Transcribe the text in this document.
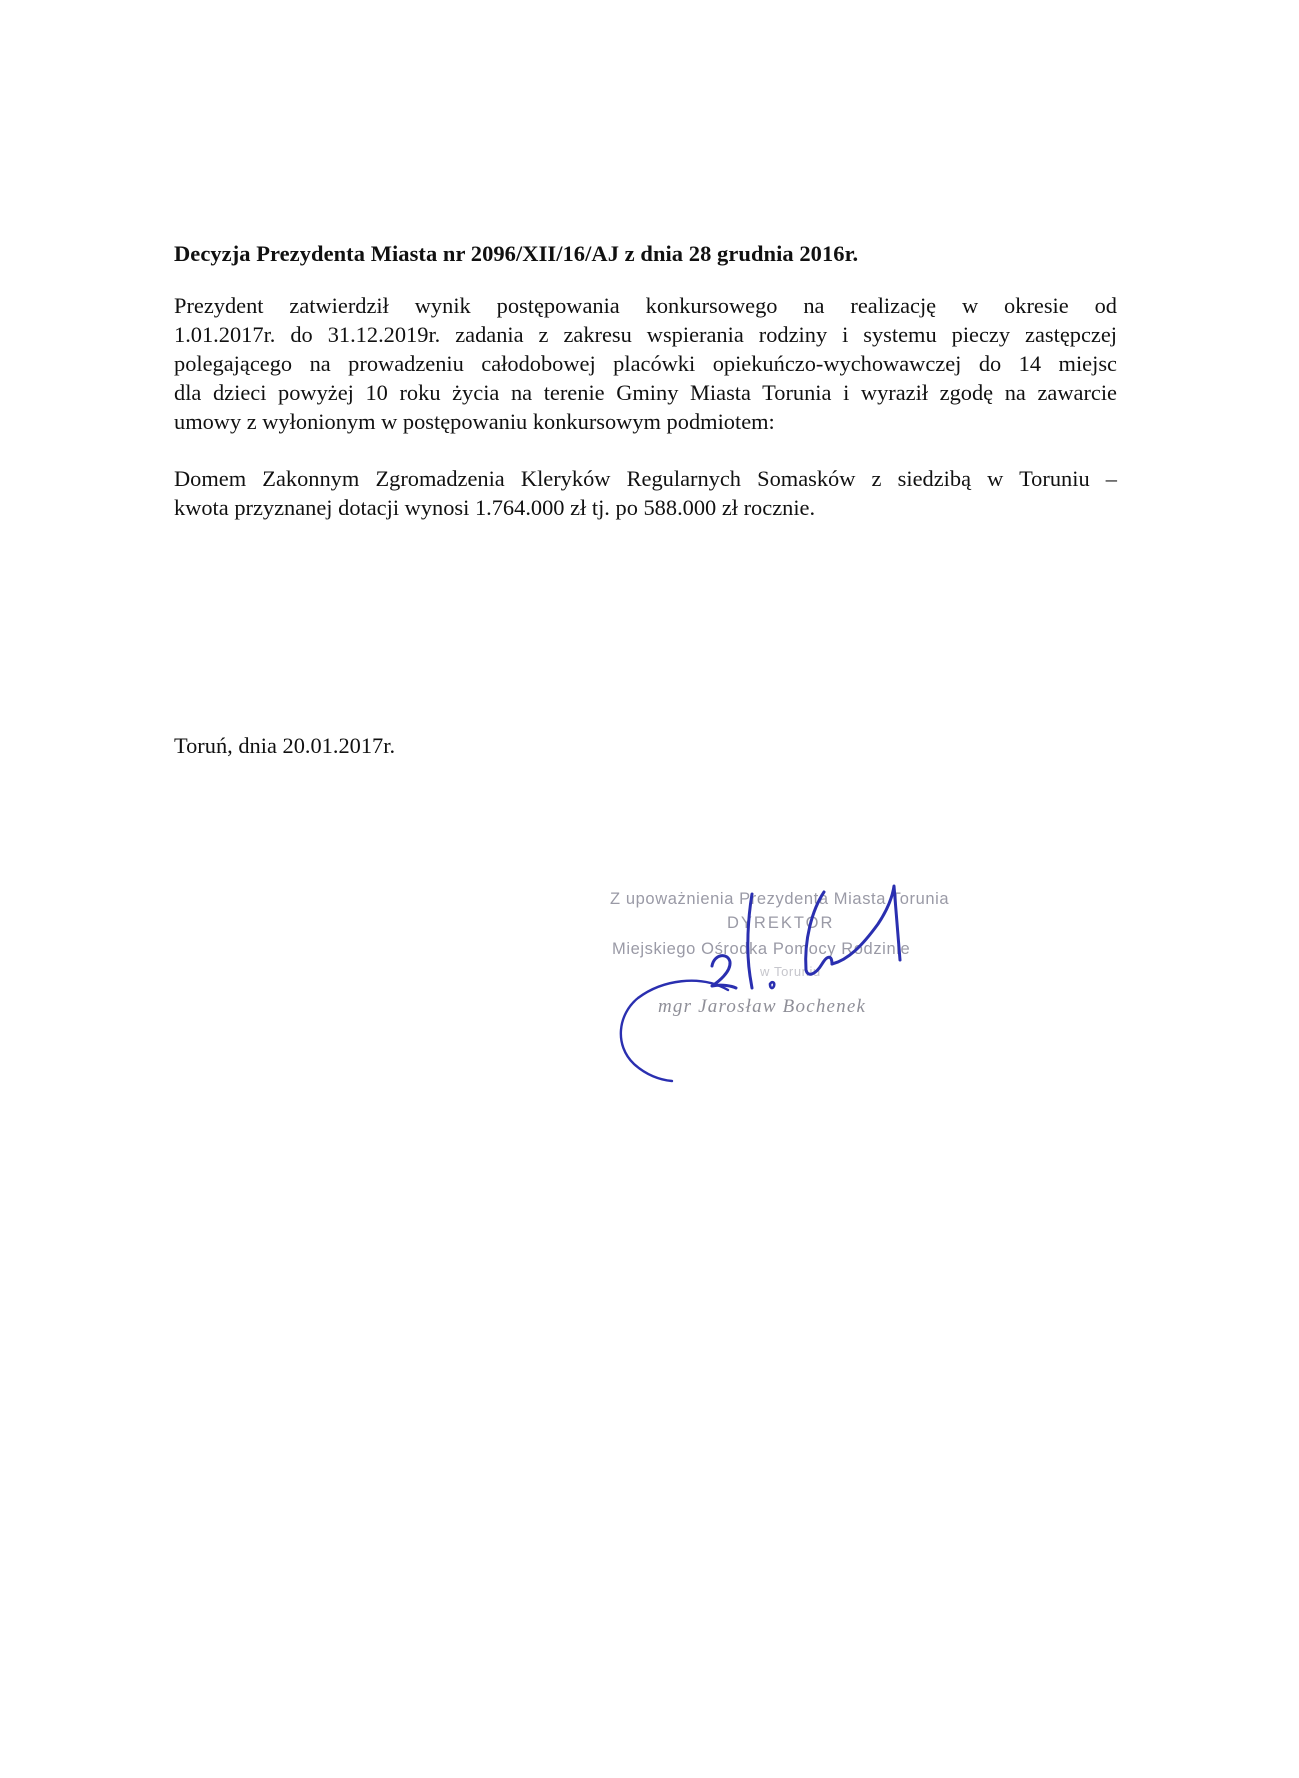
Decyzja Prezydenta Miasta nr 2096/XII/16/AJ z dnia 28 grudnia 2016r.
Prezydent zatwierdził wynik postępowania konkursowego na realizację w okresie od
1.01.2017r. do 31.12.2019r. zadania z zakresu wspierania rodziny i systemu pieczy zastępczej
polegającego na prowadzeniu całodobowej placówki opiekuńczo-wychowawczej do 14 miejsc
dla dzieci powyżej 10 roku życia na terenie Gminy Miasta Torunia i wyraził zgodę na zawarcie
umowy z wyłonionym w postępowaniu konkursowym podmiotem:
Domem Zakonnym Zgromadzenia Kleryków Regularnych Somasków z siedzibą w Toruniu –
kwota przyznanej dotacji wynosi 1.764.000 zł tj. po 588.000 zł rocznie.
Toruń, dnia 20.01.2017r.
Z upoważnienia Prezydenta Miasta Torunia
DYREKTOR
Miejskiego Ośrodka Pomocy Rodzinie
w Toruniu
mgr Jarosław Bochenek
